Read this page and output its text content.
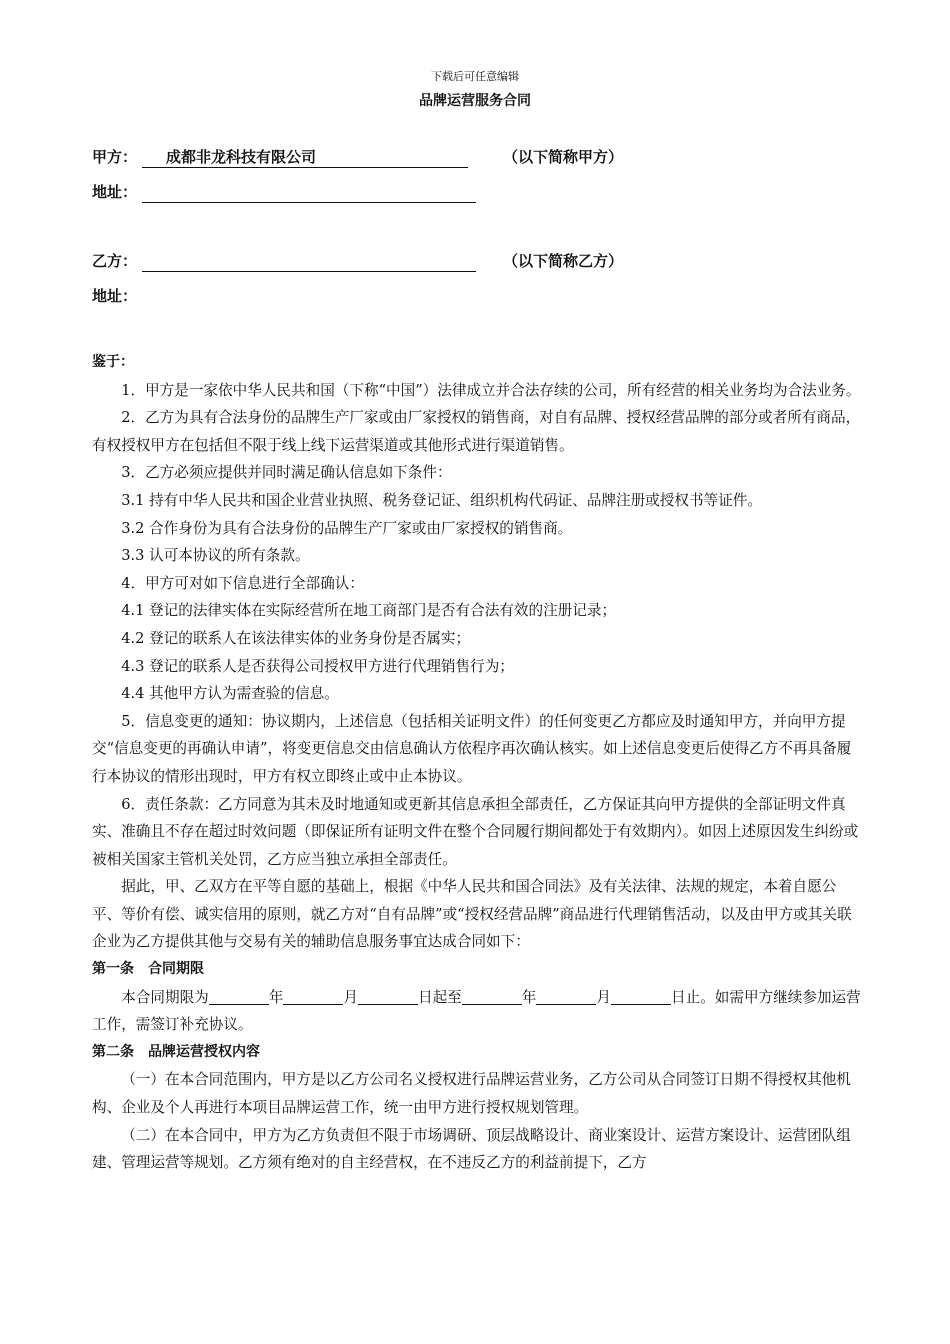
下载后可任意编辑
品牌运营服务合同
甲方：	成都非龙科技有限公司	（以下简称甲方）
地址：
乙方：	（以下简称乙方）
地址：

鉴于：

1．甲方是一家依中华人民共和国（下称“中国”）法律成立并合法存续的公司，所有经营的相关业务均为合法业务。

2．乙方为具有合法身份的品牌生产厂家或由厂家授权的销售商，对自有品牌、授权经营品牌的部分或者所有商品，有权授权甲方在包括但不限于线上线下运营渠道或其他形式进行渠道销售。

3．乙方必须应提供并同时满足确认信息如下条件：

3.1 持有中华人民共和国企业营业执照、税务登记证、组织机构代码证、品牌注册或授权书等证件。

3.2 合作身份为具有合法身份的品牌生产厂家或由厂家授权的销售商。

3.3 认可本协议的所有条款。

4．甲方可对如下信息进行全部确认：

4.1 登记的法律实体在实际经营所在地工商部门是否有合法有效的注册记录；

4.2 登记的联系人在该法律实体的业务身份是否属实；

4.3 登记的联系人是否获得公司授权甲方进行代理销售行为；

4.4 其他甲方认为需查验的信息。

5．信息变更的通知：协议期内，上述信息（包括相关证明文件）的任何变更乙方都应及时通知甲方，并向甲方提交“信息变更的再确认申请”，将变更信息交由信息确认方依程序再次确认核实。如上述信息变更后使得乙方不再具备履行本协议的情形出现时，甲方有权立即终止或中止本协议。

6．责任条款：乙方同意为其未及时地通知或更新其信息承担全部责任，乙方保证其向甲方提供的全部证明文件真实、准确且不存在超过时效问题（即保证所有证明文件在整个合同履行期间都处于有效期内）。如因上述原因发生纠纷或被相关国家主管机关处罚，乙方应当独立承担全部责任。

据此，甲、乙双方在平等自愿的基础上，根据《中华人民共和国合同法》及有关法律、法规的规定，本着自愿公平、等价有偿、诚实信用的原则，就乙方对“自有品牌”或“授权经营品牌”商品进行代理销售活动，以及由甲方或其关联企业为乙方提供其他与交易有关的辅助信息服务事宜达成合同如下：

第一条 合同期限

本合同期限为	年	月	日起至	年	月	日止。如需甲方继续参加运营工作，需签订补充协议。

第二条 品牌运营授权内容

（一）在本合同范围内，甲方是以乙方公司名义授权进行品牌运营业务，乙方公司从合同签订日期不得授权其他机构、企业及个人再进行本项目品牌运营工作，统一由甲方进行授权规划管理。

（二）在本合同中，甲方为乙方负责但不限于市场调研、顶层战略设计、商业案设计、运营方案设计、运营团队组建、管理运营等规划。乙方须有绝对的自主经营权，在不违反乙方的利益前提下，乙方
